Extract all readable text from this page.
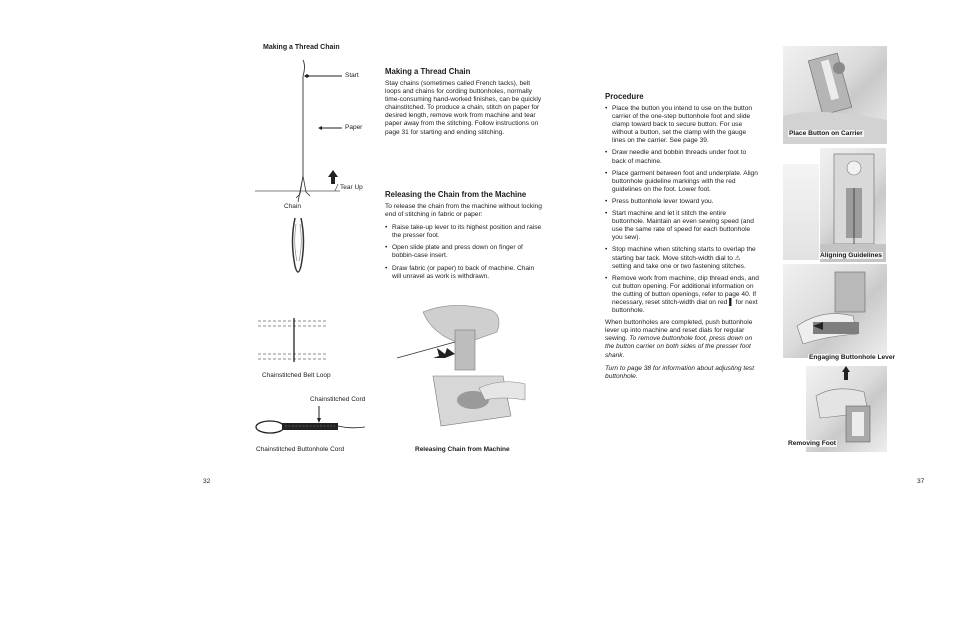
Making a Thread Chain
Start
Paper
Tear Up
Chain
Chainstitched Belt Loop
Chainstitched Cord
Chainstitched Buttonhole Cord

Making a Thread Chain

Stay chains (sometimes called French tacks), belt loops and chains for cording buttonholes, normally time-consuming hand-worked finishes, can be quickly chainstitched. To produce a chain, stitch on paper for desired length, remove work from machine and tear paper away from the stitching. Follow instructions on page 31 for starting and ending stitching.

Releasing the Chain from the Machine

To release the chain from the machine without locking end of stitching in fabric or paper:

• Raise take-up lever to its highest position and raise the presser foot.
• Open slide plate and press down on finger of bobbin-case insert.
• Draw fabric (or paper) to back of machine. Chain will unravel as work is withdrawn.
Releasing Chain from Machine
32

Procedure

• Place the button you intend to use on the button carrier of the one-step buttonhole foot and slide clamp toward back to secure button. For use without a button, set the clamp with the gauge lines on the carrier. See page 39.
• Draw needle and bobbin threads under foot to back of machine.
• Place garment between foot and underplate. Align buttonhole guideline markings with the red guidelines on the foot. Lower foot.
• Press buttonhole lever toward you.
• Start machine and let it stitch the entire buttonhole. Maintain an even sewing speed (and use the same rate of speed for each buttonhole you sew).
• Stop machine when stitching starts to overlap the starting bar tack. Move stitch-width dial to ⚠ setting and take one or two fastening stitches.
• Remove work from machine, clip thread ends, and cut button opening. For additional information on the cutting of button openings, refer to page 40. If necessary, reset stitch-width dial on red ▌ for next buttonhole.

When buttonholes are completed, push buttonhole lever up into machine and reset dials for regular sewing. To remove buttonhole foot, press down on the button carrier on both sides of the presser foot shank.

Turn to page 38 for information about adjusting test buttonhole.

Place Button on Carrier
Aligning Guidelines
Engaging Buttonhole Lever
Removing Foot
37
